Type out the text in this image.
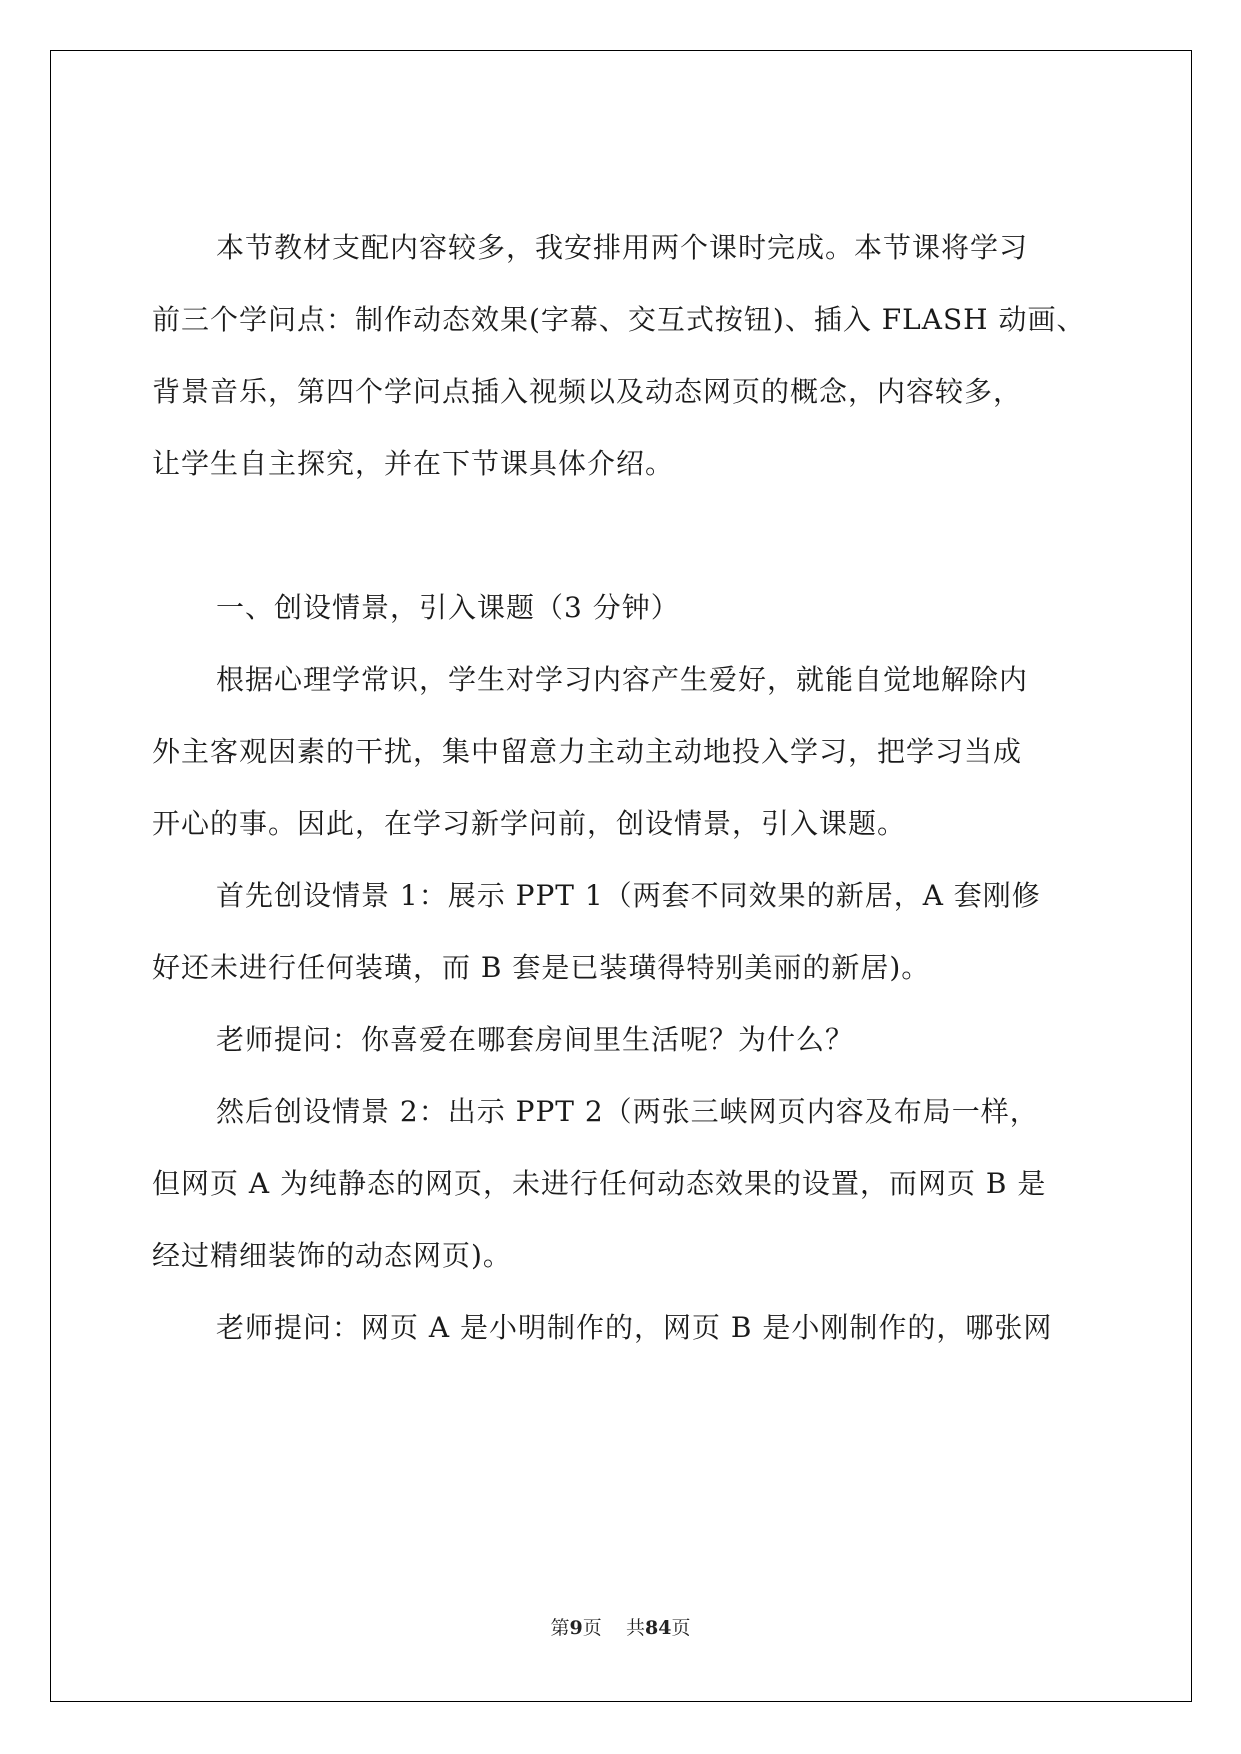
本节教材支配内容较多，我安排用两个课时完成。本节课将学习
前三个学问点：制作动态效果(字幕、交互式按钮)、插入 FLASH 动画、
背景音乐，第四个学问点插入视频以及动态网页的概念，内容较多，
让学生自主探究，并在下节课具体介绍。
一、创设情景，引入课题（3 分钟）
根据心理学常识，学生对学习内容产生爱好，就能自觉地解除内
外主客观因素的干扰，集中留意力主动主动地投入学习，把学习当成
开心的事。因此，在学习新学问前，创设情景，引入课题。
首先创设情景 1：展示 PPT 1（两套不同效果的新居，A 套刚修
好还未进行任何装璜，而 B 套是已装璜得特别美丽的新居)。
老师提问：你喜爱在哪套房间里生活呢？为什么？
然后创设情景 2：出示 PPT 2（两张三峡网页内容及布局一样，
但网页 A 为纯静态的网页，未进行任何动态效果的设置，而网页 B 是
经过精细装饰的动态网页)。
老师提问：网页 A 是小明制作的，网页 B 是小刚制作的，哪张网
第9页 共84页
